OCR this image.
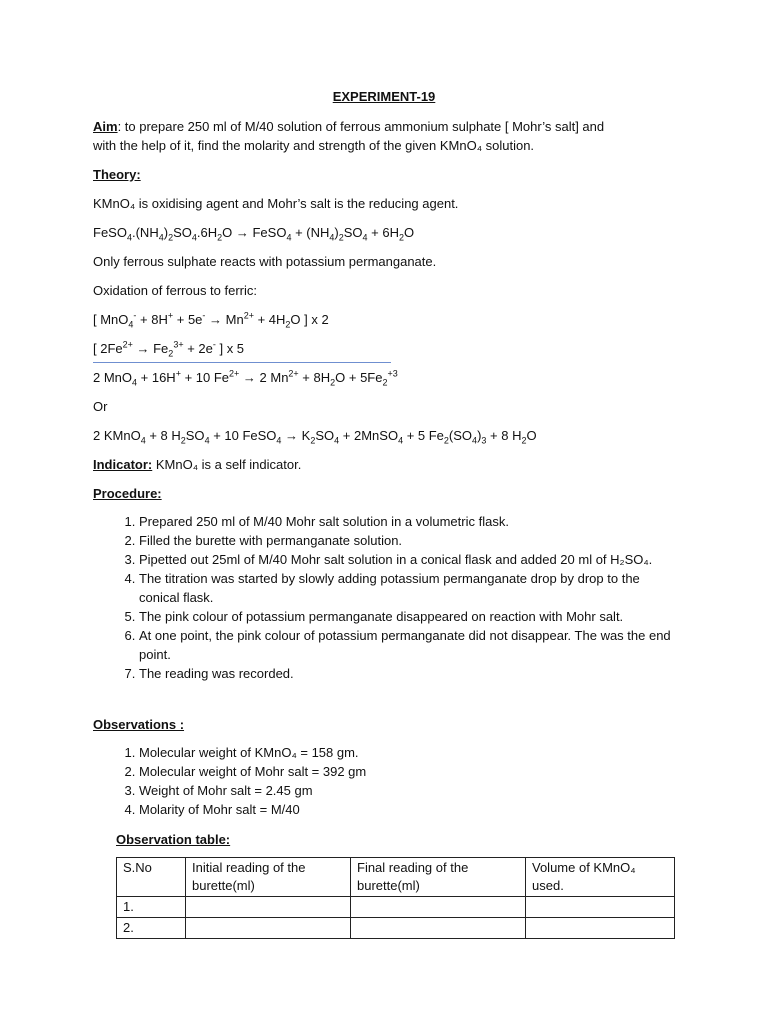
EXPERIMENT-19
Aim: to prepare 250 ml of M/40 solution of ferrous ammonium sulphate [ Mohr’s salt] and
with the help of it, find the molarity and strength of the given KMnO₄ solution.
Theory:
KMnO₄ is oxidising agent and Mohr’s salt is the reducing agent.
$FeSO_4.(NH_4)_2SO_4.6H_2O$ → FeSO$_4$ + $(NH_4)_2SO_4 + 6H_2O$
Only ferrous sulphate reacts with potassium permanganate.
Oxidation of ferrous to ferric:
[ $MnO_4^- + 8H^+ + 5e^- \to Mn^{2+} + 4H_2O$ ] x 2
[ $2Fe^{2+} \to Fe_2^{3+} + 2e^-$ ] x 5
2 MnO$_4$ + 16H+ + 10 $Fe^{2+} \to 2$ $Mn^{2+} + 8H_2O + 5Fe_2^{+3}$
Or
2 KMnO$_4$ + 8 $H_2SO_4 + 10$ FeSO$_4$ → $K_2SO_4$ + 2MnSO$_4$ + 5 $Fe_2(SO_4)_3 + 8$ $H_2O$
Indicator: KMnO₄ is a self indicator.
Procedure:
1. Prepared 250 ml of M/40 Mohr salt solution in a volumetric flask.
2. Filled the burette with permanganate solution.
3. Pipetted out 25ml of M/40 Mohr salt solution in a conical flask and added 20 ml of H₂SO₄.
4. The titration was started by slowly adding potassium permanganate drop by drop to the conical flask.
5. The pink colour of potassium permanganate disappeared on reaction with Mohr salt.
6. At one point, the pink colour of potassium permanganate did not disappear. The was the end point.
7. The reading was recorded.
Observations :
1. Molecular weight of KMnO₄ = 158 gm.
2. Molecular weight of Mohr salt = 392 gm
3. Weight of Mohr salt = 2.45 gm
4. Molarity of Mohr salt = M/40
Observation table:
S.No	Initial reading of the burette(ml)	Final reading of the burette(ml)	Volume of KMnO₄ used.
1.			
2.			
